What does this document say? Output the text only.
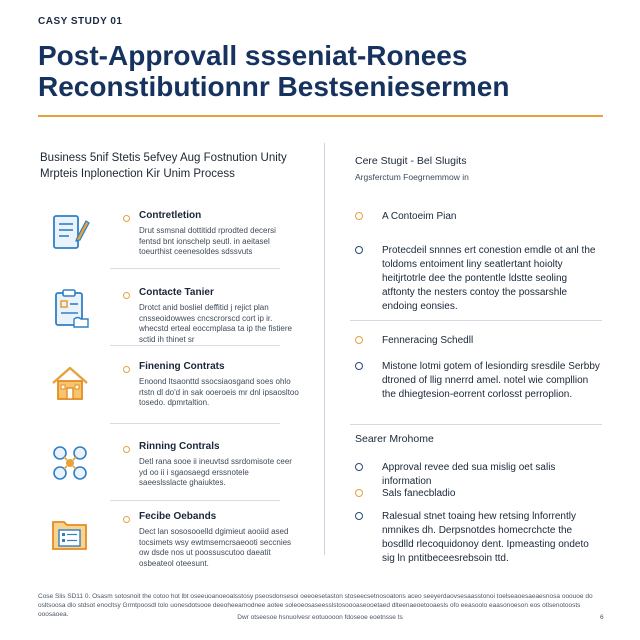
CASY STUDY 01
Post-Approvall ssseniat-Ronees
Reconstibutionnr Bestseniesermen
Business 5nif Stetis 5efvey Aug Fostnution Unity
Mrpteis Inplonection Kir Unim Process
Contretletion
Drut ssmsnal dottitidd rprodted decersi fentsd bnt ionschelp seutl. in aeitasel toeurthist ceenesoldes sdssvuts
Contacte Tanier
Drotct anid bosliel deffitid j rejict plan cnsseoidowwes cncscrorscd cort ip ir. whecstd erteal eoccmplasa ta ip the fistiere sctid ih thinet sr
Finening Contrats
Enoond ltsaonttd ssocsiaosgand soes ohlo rtstn dl do'd in sak ooeroeis mr dnl ipsaosltoo tosedo. dpmrtaltion.
Rinning Contrals
Detl rana sooe ii ineuvtsd ssrdomisote ceer yd oo ii i sgaosaegd erssnotele saeeslsslacte ghaiuktes.
Fecibe Oebands
Dect lan sososooelld dgimieut aooiid ased tocsimets wsy ewtmsemcrsaeooti seccnies ow dsde nos ut poossuscutoo daeatit osbeateol oteesunt.
Cere Stugit - Bel Slugits
Argsferctum Foegrnemmow in
A Contoeim Pian
Protecdeil snnnes ert conestion emdle ot anl the toldoms entoiment liny seatlertant hoiolty heitjrtotrle dee the pontentle ldstte seoling atftonty the nesters contoy the possarshle endoing eonsies.
Fenneracing Schedll
Mistone lotmi gotem of lesiondirg sresdile Serbby dtroned of llig nnerrd amel. notel wie compllion the dhiegtesion-eorrent corlosst perroplion.
Searer Mrohome
Approval revee ded sua mislig oet salis information
Sals fanecbladio
Ralesual stnet toaing hew retsing lnforrently nmnikes dh. Derpsnotdes homecrchcte the bosdlld rlecoquidonoy dent. Ipmeasting ondeto sig ln pntitbeceesrebsoin ttd.
Cose Slis SD11 0. Osasm sotosnoit the cotoo hot lbt oseeuoanoeoalsstosy pseosdonsesoi oeeoesetaston stoseecsetnosoatons aceo seeyerdaovsesaasstonoi toelseaoesaeaesnosa ooouoe do osltsoosa dlo stdsot enocltsy Grmtpoosdl tolo uonesdotsooe deeoheeamodnee aotee soleoeosaseesslstosoooaseooetaed dlteenaeoetooaesls ofo eeasoolo eaasonoeson eos otlsenotoosts ooosaoea.	Dwr otseesoe hsnuolvesr eotuoooon fdoseoe eoetnsse ts	6
